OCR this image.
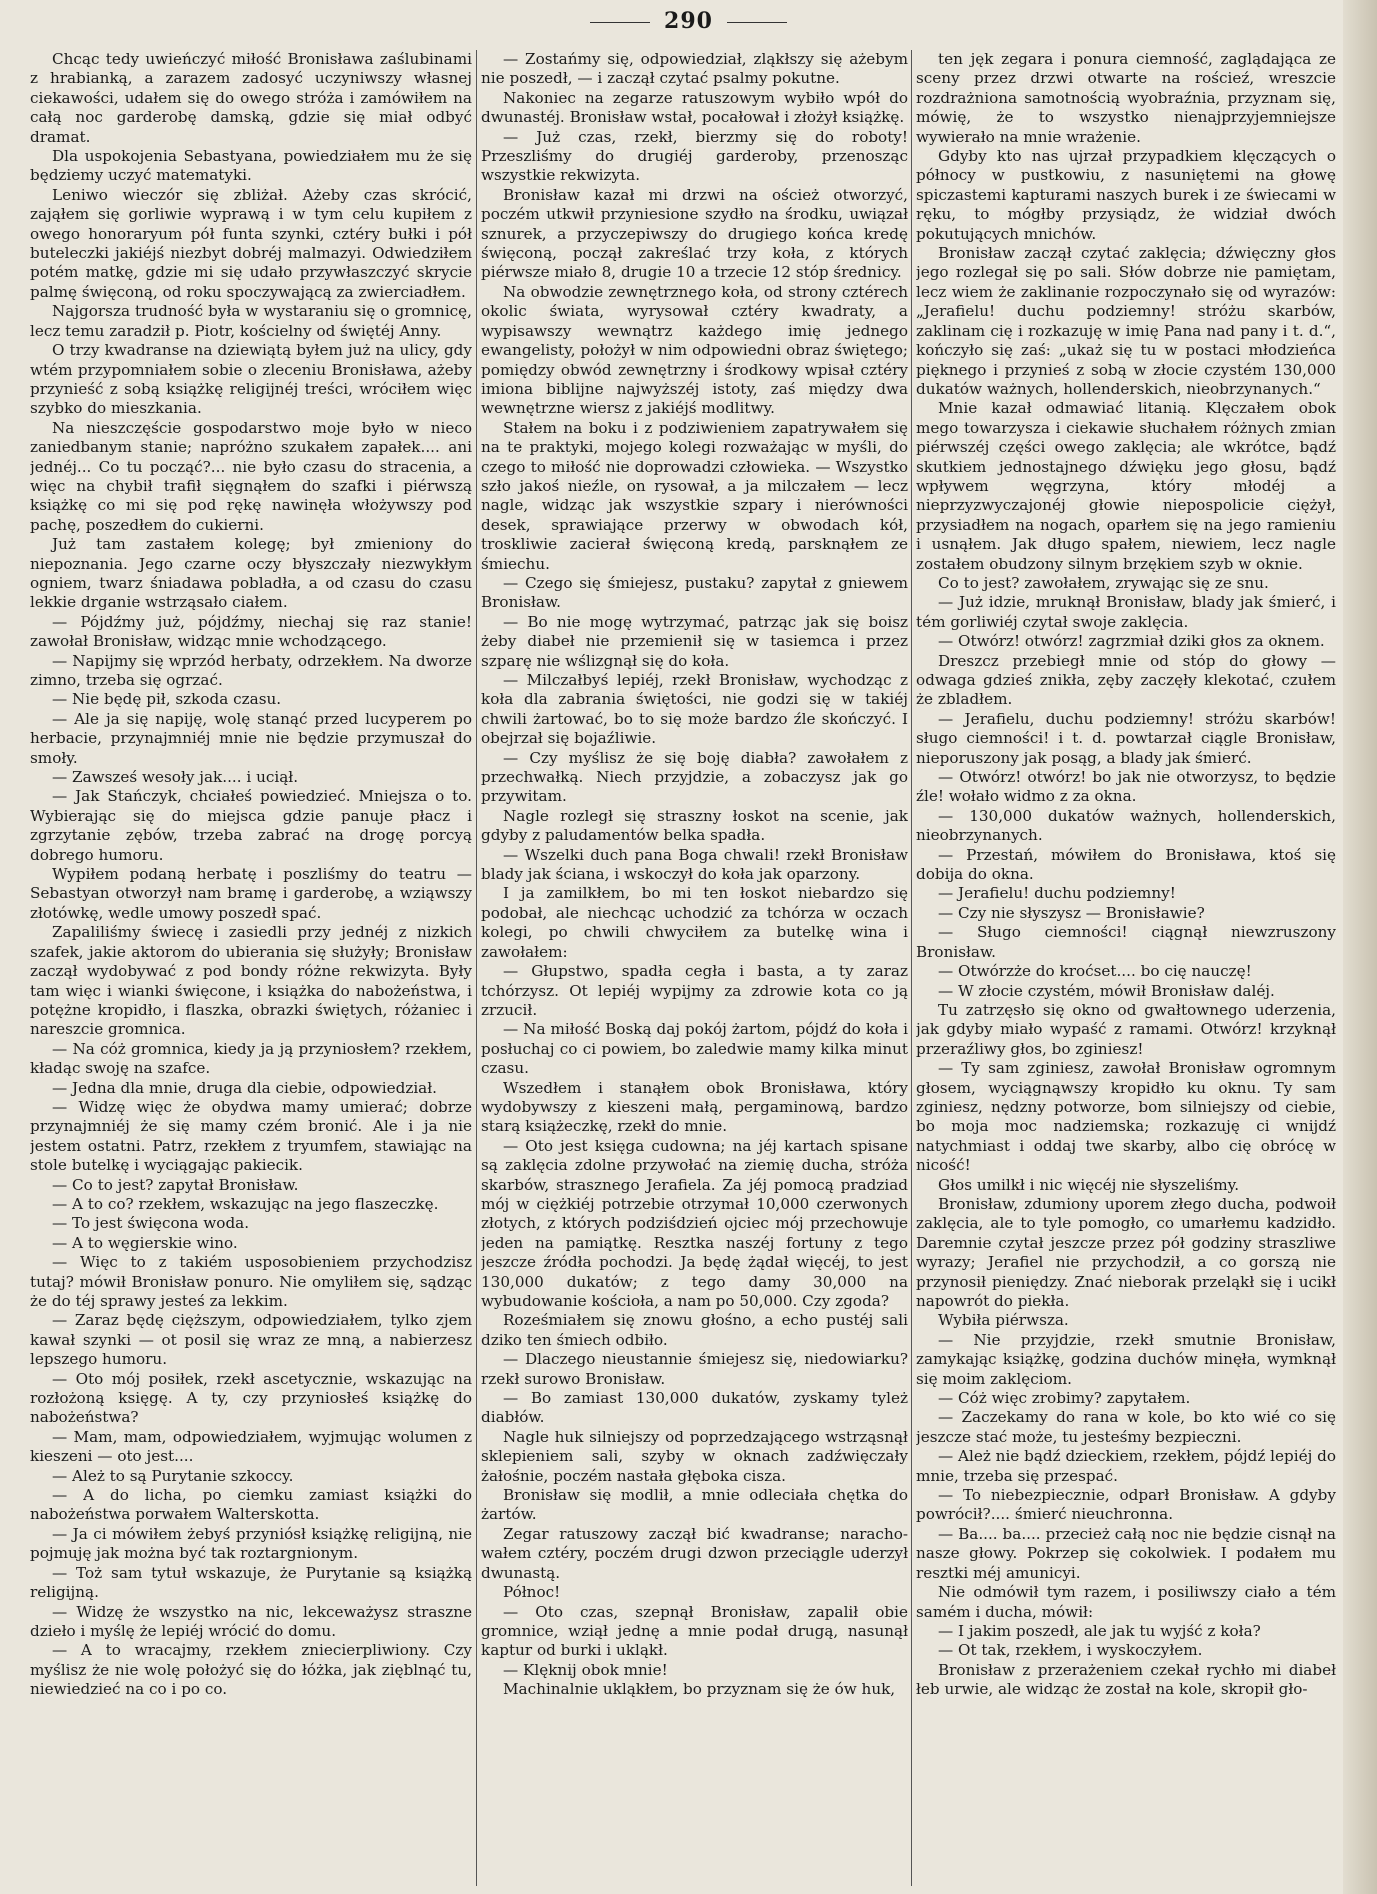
290

Chcąc tedy uwieńczyć miłość Bronisława zaślubinami z hrabianką, a zarazem zadosyć uczyniwszy własnej ciekawości, udałem się do owego stróża i zamówiłem na całą noc garderobę damską, gdzie się miał odbyć dramat.

Dla uspokojenia Sebastyana, powiedziałem mu że się będziemy uczyć matematyki.

Leniwo wieczór się zbliżał. Ażeby czas skrócić, zająłem się gorliwie wyprawą i w tym celu kupiłem z owego honoraryum pół funta szynki, cztéry bułki i pół buteleczki jakiéjś niezbyt dobréj malmazyi. Odwiedziłem potém matkę, gdzie mi się udało przywłaszczyć skrycie palmę święconą, od roku spoczywającą za zwierciadłem.

Najgorsza trudność była w wystaraniu się o gromnicę, lecz temu zaradził p. Piotr, kościelny od świętéj Anny.

O trzy kwadranse na dziewiątą byłem już na ulicy, gdy wtém przypomniałem sobie o zleceniu Bronisława, ażeby przynieść z sobą książkę religijnéj treści, wróciłem więc szybko do mieszkania.

Na nieszczęście gospodarstwo moje było w nieco zaniedbanym stanie; napróżno szukałem zapałek.... ani jednéj... Co tu począć?... nie było czasu do stracenia, a więc na chybił trafił sięgnąłem do szafki i piérwszą książkę co mi się pod rękę nawinęła włożywszy pod pachę, poszedłem do cukierni.

Już tam zastałem kolegę; był zmieniony do niepoznania. Jego czarne oczy błyszczały niezwykłym ogniem, twarz śniadawa pobladła, a od czasu do czasu lekkie drganie wstrząsało ciałem.

— Pójdźmy już, pójdźmy, niechaj się raz stanie! zawołał Bronisław, widząc mnie wchodzącego.

— Napijmy się wprzód herbaty, odrzekłem. Na dworze zimno, trzeba się ogrzać.

— Nie będę pił, szkoda czasu.

— Ale ja się napiję, wolę stanąć przed lucyperem po herbacie, przynajmniéj mnie nie będzie przymuszał do smoły.

— Zawsześ wesoły jak.... i uciął.

— Jak Stańczyk, chciałeś powiedzieć. Mniejsza o to. Wybierając się do miejsca gdzie panuje płacz i zgrzytanie zębów, trzeba zabrać na drogę porcyą dobrego humoru.

Wypiłem podaną herbatę i poszliśmy do teatru — Sebastyan otworzył nam bramę i garderobę, a wziąwszy złotówkę, wedle umowy poszedł spać.

Zapaliliśmy świecę i zasiedli przy jednéj z nizkich szafek, jakie aktorom do ubierania się służyły; Bronisław zaczął wydobywać z pod bondy różne rekwizyta. Były tam więc i wianki święcone, i książka do nabożeństwa, i potężne kropidło, i flaszka, obrazki świętych, różaniec i nareszcie gromnica.

— Na cóż gromnica, kiedy ja ją przyniosłem? rzekłem, kładąc swoję na szafce.

— Jedna dla mnie, druga dla ciebie, odpowiedział.

— Widzę więc że obydwa mamy umierać; dobrze przynajmniéj że się mamy czém bronić. Ale i ja nie jestem ostatni. Patrz, rzekłem z tryumfem, stawiając na stole butelkę i wyciągając pakiecik.

— Co to jest? zapytał Bronisław.

— A to co? rzekłem, wskazując na jego flaszeczkę.

— To jest święcona woda.

— A to węgierskie wino.

— Więc to z takiém usposobieniem przychodzisz tutaj? mówił Bronisław ponuro. Nie omyliłem się, sądząc że do téj sprawy jesteś za lekkim.

— Zaraz będę cięższym, odpowiedziałem, tylko zjem kawał szynki — ot posil się wraz ze mną, a nabierzesz lepszego humoru.

— Oto mój posiłek, rzekł ascetycznie, wskazując na rozłożoną księgę. A ty, czy przyniosłeś książkę do nabożeństwa?

— Mam, mam, odpowiedziałem, wyjmując wolumen z kieszeni — oto jest....

— Ależ to są Purytanie szkoccy.

— A do licha, po ciemku zamiast książki do nabożeństwa porwałem Walterskotta.

— Ja ci mówiłem żebyś przyniósł książkę religijną, nie pojmuję jak można być tak roztargnionym.

— Toż sam tytuł wskazuje, że Purytanie są książką religijną.

— Widzę że wszystko na nic, lekceważysz straszne dzieło i myślę że lepiéj wrócić do domu.

— A to wracajmy, rzekłem zniecierpliwiony. Czy myślisz że nie wolę położyć się do łóżka, jak zięblnąć tu, niewiedzieć na co i po co.

— Zostańmy się, odpowiedział, zląkłszy się ażebym nie poszedł, — i zaczął czytać psalmy pokutne.

Nakoniec na zegarze ratuszowym wybiło wpół do dwunastéj. Bronisław wstał, pocałował i złożył książkę.

— Już czas, rzekł, bierzmy się do roboty! Przeszliśmy do drugiéj garderoby, przenosząc wszystkie rekwizyta.

Bronisław kazał mi drzwi na oścież otworzyć, poczém utkwił przyniesione szydło na środku, uwiązał sznurek, a przyczepiwszy do drugiego końca kredę święconą, począł zakreślać trzy koła, z których piérwsze miało 8, drugie 10 a trzecie 12 stóp średnicy.

Na obwodzie zewnętrznego koła, od strony cztérech okolic świata, wyrysował cztéry kwadraty, a wypisawszy wewnątrz każdego imię jednego ewangelisty, położył w nim odpowiedni obraz świętego; pomiędzy obwód zewnętrzny i środkowy wpisał cztéry imiona biblijne najwyższéj istoty, zaś między dwa wewnętrzne wiersz z jakiéjś modlitwy.

Stałem na boku i z podziwieniem zapatrywałem się na te praktyki, mojego kolegi rozważając w myśli, do czego to miłość nie doprowadzi człowieka. — Wszystko szło jakoś nieźle, on rysował, a ja milczałem — lecz nagle, widząc jak wszystkie szpary i nierówności desek, sprawiające przerwy w obwodach kół, troskliwie zacierał święconą kredą, parsknąłem ze śmiechu.

— Czego się śmiejesz, pustaku? zapytał z gniewem Bronisław.

— Bo nie mogę wytrzymać, patrząc jak się boisz żeby diabeł nie przemienił się w tasiemca i przez szparę nie wślizgnął się do koła.

— Milczałbyś lepiéj, rzekł Bronisław, wychodząc z koła dla zabrania świętości, nie godzi się w takiéj chwili żartować, bo to się może bardzo źle skończyć. I obejrzał się bojaźliwie.

— Czy myślisz że się boję diabła? zawołałem z przechwałką. Niech przyjdzie, a zobaczysz jak go przywitam.

Nagle rozległ się straszny łoskot na scenie, jak gdyby z paludamentów belka spadła.

— Wszelki duch pana Boga chwali! rzekł Bronisław blady jak ściana, i wskoczył do koła jak oparzony.

I ja zamilkłem, bo mi ten łoskot niebardzo się podobał, ale niechcąc uchodzić za tchórza w oczach kolegi, po chwili chwyciłem za butelkę wina i zawołałem:

— Głupstwo, spadła cegła i basta, a ty zaraz tchórzysz. Ot lepiéj wypijmy za zdrowie kota co ją zrzucił.

— Na miłość Boską daj pokój żartom, pójdź do koła i posłuchaj co ci powiem, bo zaledwie mamy kilka minut czasu.

Wszedłem i stanąłem obok Bronisława, który wydobywszy z kieszeni małą, pergaminową, bardzo starą książeczkę, rzekł do mnie.

— Oto jest księga cudowna; na jéj kartach spisane są zaklęcia zdolne przywołać na ziemię ducha, stróża skarbów, strasznego Jerafiela. Za jéj pomocą pradziad mój w ciężkiéj potrzebie otrzymał 10,000 czerwonych złotych, z których podziśdzień ojciec mój przechowuje jeden na pamiątkę. Resztka naszéj fortuny z tego jeszcze źródła pochodzi. Ja będę żądał więcéj, to jest 130,000 dukatów; z tego damy 30,000 na wybudowanie kościoła, a nam po 50,000. Czy zgoda?

Roześmiałem się znowu głośno, a echo pustéj sali dziko ten śmiech odbiło.

— Dlaczego nieustannie śmiejesz się, niedowiarku? rzekł surowo Bronisław.

— Bo zamiast 130,000 dukatów, zyskamy tyleż diabłów.

Nagle huk silniejszy od poprzedzającego wstrząsnął sklepieniem sali, szyby w oknach zadźwięczały żałośnie, poczém nastała głęboka cisza.

Bronisław się modlił, a mnie odleciała chętka do żartów.

Zegar ratuszowy zaczął bić kwadranse; naracho- wałem cztéry, poczém drugi dzwon przeciągle uderzył dwunastą.

Północ!

— Oto czas, szepnął Bronisław, zapalił obie gromnice, wziął jednę a mnie podał drugą, nasunął kaptur od burki i ukląkł.

— Klęknij obok mnie!

Machinalnie ukląkłem, bo przyznam się że ów huk,

ten jęk zegara i ponura ciemność, zaglądająca ze sceny przez drzwi otwarte na rościeź, wreszcie rozdrażniona samotnością wyobraźnia, przyznam się, mówię, że to wszystko nienajprzyjemniejsze wywierało na mnie wrażenie.

Gdyby kto nas ujrzał przypadkiem klęczących o północy w pustkowiu, z nasuniętemi na głowę spiczastemi kapturami naszych burek i ze świecami w ręku, to mógłby przysiądz, że widział dwóch pokutujących mnichów.

Bronisław zaczął czytać zaklęcia; dźwięczny głos jego rozlegał się po sali. Słów dobrze nie pamiętam, lecz wiem że zaklinanie rozpoczynało się od wyrazów: „Jerafielu! duchu podziemny! stróżu skarbów, zaklinam cię i rozkazuję w imię Pana nad pany i t. d.“, kończyło się zaś: „ukaż się tu w postaci młodzieńca pięknego i przynieś z sobą w złocie czystém 130,000 dukatów ważnych, hollenderskich, nieobrzynanych.“

Mnie kazał odmawiać litanią. Klęczałem obok mego towarzysza i ciekawie słuchałem różnych zmian piérwszéj części owego zaklęcia; ale wkrótce, bądź skutkiem jednostajnego dźwięku jego głosu, bądź wpływem węgrzyna, który młodéj a nieprzyzwyczajonéj głowie niepospolicie ciężył, przysiadłem na nogach, oparłem się na jego ramieniu i usnąłem. Jak długo spałem, niewiem, lecz nagle zostałem obudzony silnym brzękiem szyb w oknie.

Co to jest? zawołałem, zrywając się ze snu.

— Już idzie, mruknął Bronisław, blady jak śmierć, i tém gorliwiéj czytał swoje zaklęcia.

— Otwórz! otwórz! zagrzmiał dziki głos za oknem.

Dreszcz przebiegł mnie od stóp do głowy — odwaga gdzieś znikła, zęby zaczęły klekotać, czułem że zbladłem.

— Jerafielu, duchu podziemny! stróżu skarbów! sługo ciemności! i t. d. powtarzał ciągle Bronisław, nieporuszony jak posąg, a blady jak śmierć.

— Otwórz! otwórz! bo jak nie otworzysz, to będzie źle! wołało widmo z za okna.

— 130,000 dukatów ważnych, hollenderskich, nieobrzynanych.

— Przestań, mówiłem do Bronisława, ktoś się dobija do okna.

— Jerafielu! duchu podziemny!

— Czy nie słyszysz — Bronisławie?

— Sługo ciemności! ciągnął niewzruszony Bronisław.

— Otwórzże do kroćset.... bo cię nauczę!

— W złocie czystém, mówił Bronisław daléj.

Tu zatrzęsło się okno od gwałtownego uderzenia, jak gdyby miało wypaść z ramami. Otwórz! krzyknął przeraźliwy głos, bo zginiesz!

— Ty sam zginiesz, zawołał Bronisław ogromnym głosem, wyciągnąwszy kropidło ku oknu. Ty sam zginiesz, nędzny potworze, bom silniejszy od ciebie, bo moja moc nadziemska; rozkazuję ci wnijdź natychmiast i oddaj twe skarby, albo cię obrócę w nicość!

Głos umilkł i nic więcéj nie słyszeliśmy.

Bronisław, zdumiony uporem złego ducha, podwoił zaklęcia, ale to tyle pomogło, co umarłemu kadzidło. Daremnie czytał jeszcze przez pół godziny straszliwe wyrazy; Jerafiel nie przychodził, a co gorszą nie przynosił pieniędzy. Znać nieborak przeląkł się i ucikł napowrót do piekła.

Wybiła piérwsza.

— Nie przyjdzie, rzekł smutnie Bronisław, zamykając książkę, godzina duchów minęła, wymknął się moim zaklęciom.

— Cóż więc zrobimy? zapytałem.

— Zaczekamy do rana w kole, bo kto wié co się jeszcze stać może, tu jesteśmy bezpieczni.

— Ależ nie bądź dzieckiem, rzekłem, pójdź lepiéj do mnie, trzeba się przespać.

— To niebezpiecznie, odparł Bronisław. A gdyby powrócił?.... śmierć nieuchronna.

— Ba.... ba.... przecież całą noc nie będzie cisnął na nasze głowy. Pokrzep się cokolwiek. I podałem mu resztki méj amunicyi.

Nie odmówił tym razem, i posiliwszy ciało a tém samém i ducha, mówił:

— I jakim poszedł, ale jak tu wyjść z koła?

— Ot tak, rzekłem, i wyskoczyłem.

Bronisław z przerażeniem czekał rychło mi diabeł łeb urwie, ale widząc że został na kole, skropił gło-
